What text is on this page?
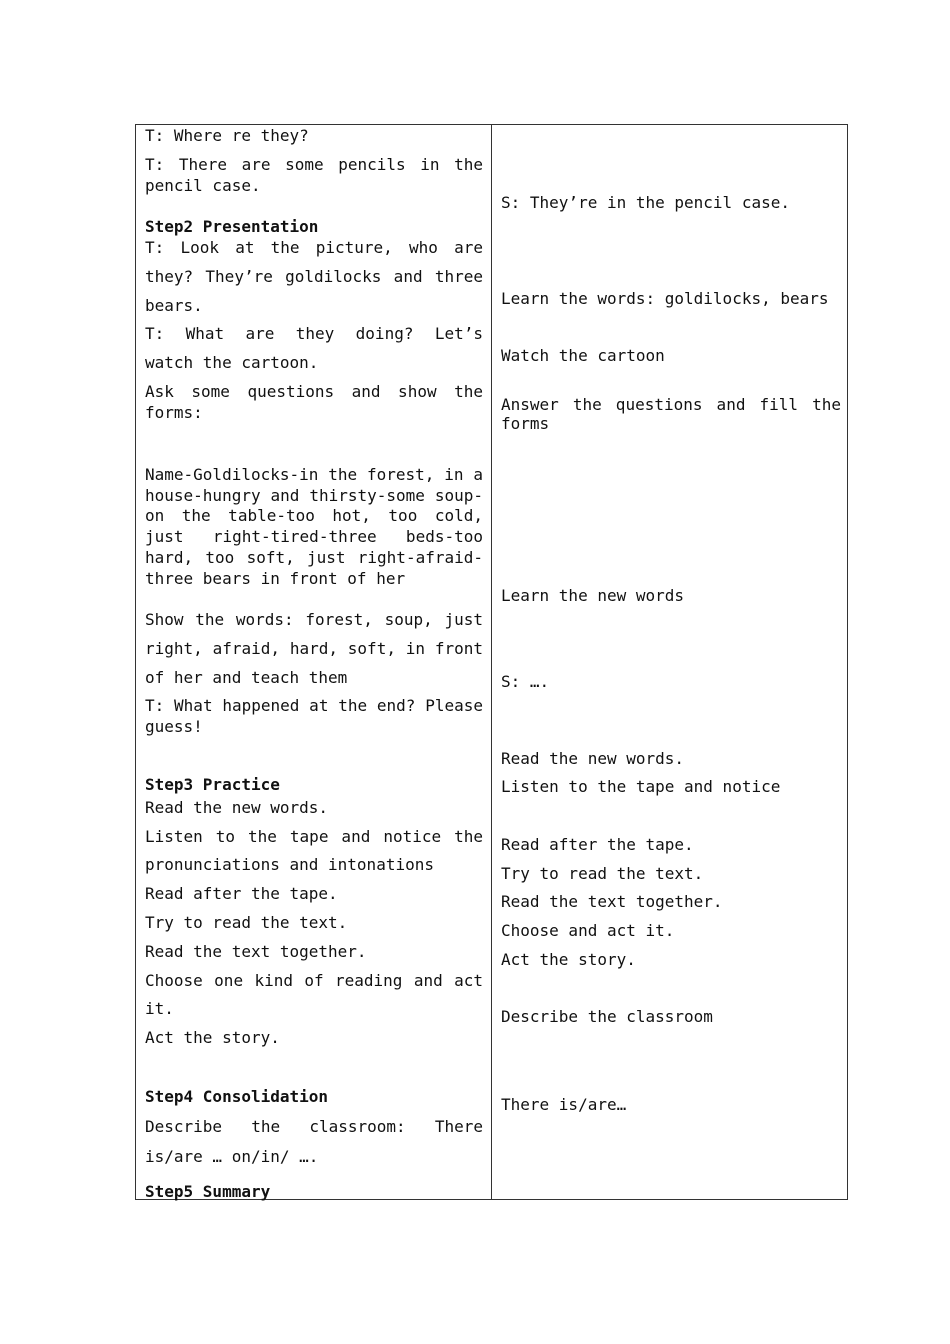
T: Where re they?
T: There are some pencils in the
pencil case.
Step2 Presentation
T: Look at the picture, who are
they? They’re goldilocks and three
bears.
T: What are they doing? Let’s
watch the cartoon.
Ask some questions and show the
forms:
Name-Goldilocks-in the forest, in a
house-hungry and thirsty-some soup-
on the table-too hot, too cold,
just right-tired-three beds-too
hard, too soft, just right-afraid-
three bears in front of her
Show the words: forest, soup, just
right, afraid, hard, soft, in front
of her and teach them
T: What happened at the end? Please
guess!
Step3 Practice
Read the new words.
Listen to the tape and notice the
pronunciations and intonations
Read after the tape.
Try to read the text.
Read the text together.
Choose one kind of reading and act
it.
Act the story.
Step4 Consolidation
Describe the classroom: There
is/are … on/in/ ….
Step5 Summary
S: They’re in the pencil case.
Learn the words: goldilocks, bears
Watch the cartoon
Answer the questions and fill the
forms
Learn the new words
S: ….
Read the new words.
Listen to the tape and notice
Read after the tape.
Try to read the text.
Read the text together.
Choose and act it.
Act the story.
Describe the classroom
There is/are…
